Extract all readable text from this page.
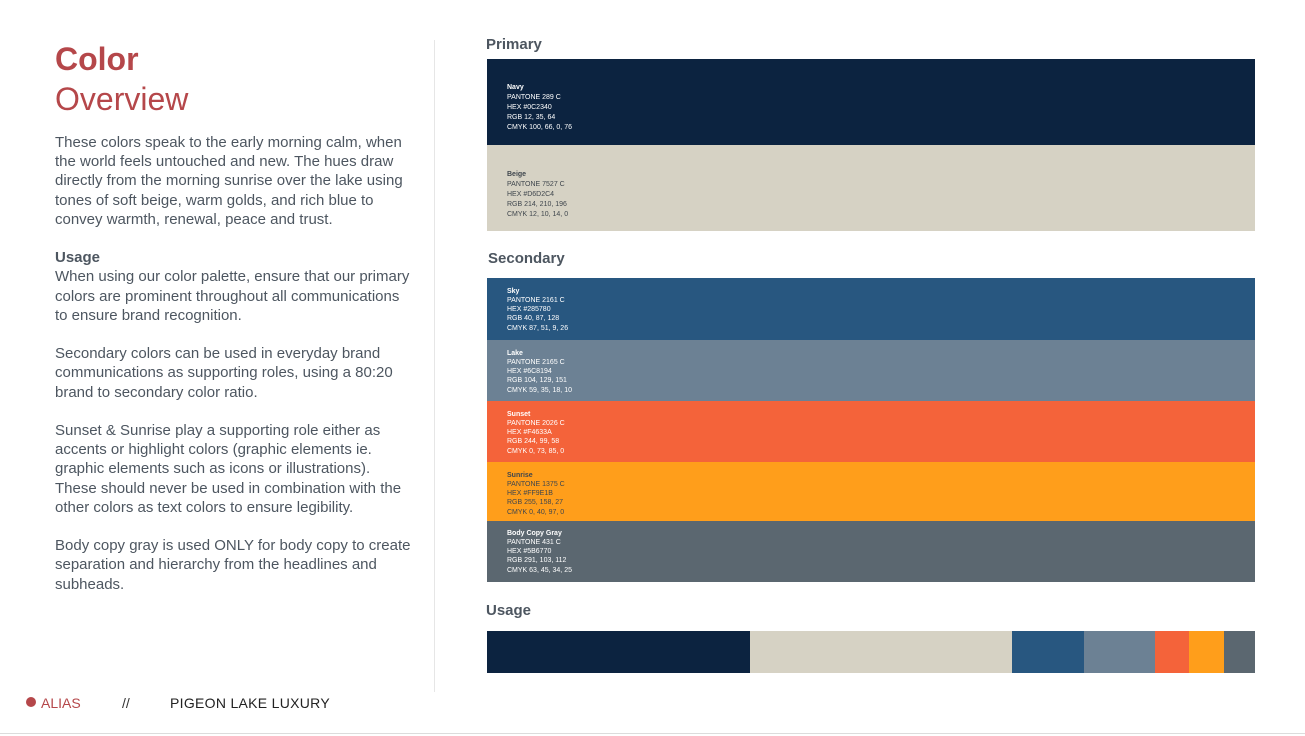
Color
Overview

These colors speak to the early morning calm, when the world feels untouched and new. The hues draw directly from the morning sunrise over the lake using tones of soft beige, warm golds, and rich blue to convey warmth, renewal, peace and trust.

Usage
When using our color palette, ensure that our primary colors are prominent throughout all communications to ensure brand recognition.

Secondary colors can be used in everyday brand communications as supporting roles, using a 80:20 brand to secondary color ratio.

Sunset & Sunrise play a supporting role either as accents or highlight colors (graphic elements ie. graphic elements such as icons or illustrations). These should never be used in combination with the other colors as text colors to ensure legibility.

Body copy gray is used ONLY for body copy to create separation and hierarchy from the headlines and subheads.

ALIAS	//	PIGEON LAKE LUXURY
Primary
Navy
PANTONE 289 C
HEX #0C2340
RGB 12, 35, 64
CMYK 100, 66, 0, 76
Beige
PANTONE 7527 C
HEX #D6D2C4
RGB 214, 210, 196
CMYK 12, 10, 14, 0
Secondary
Sky
PANTONE 2161 C
HEX #285780
RGB 40, 87, 128
CMYK 87, 51, 9, 26
Lake
PANTONE 2165 C
HEX #6C8194
RGB 104, 129, 151
CMYK 59, 35, 18, 10
Sunset
PANTONE 2026 C
HEX #F4633A
RGB 244, 99, 58
CMYK 0, 73, 85, 0
Sunrise
PANTONE 1375 C
HEX #FF9E1B
RGB 255, 158, 27
CMYK 0, 40, 97, 0
Body Copy Gray
PANTONE 431 C
HEX #5B6770
RGB 291, 103, 112
CMYK 63, 45, 34, 25
Usage
